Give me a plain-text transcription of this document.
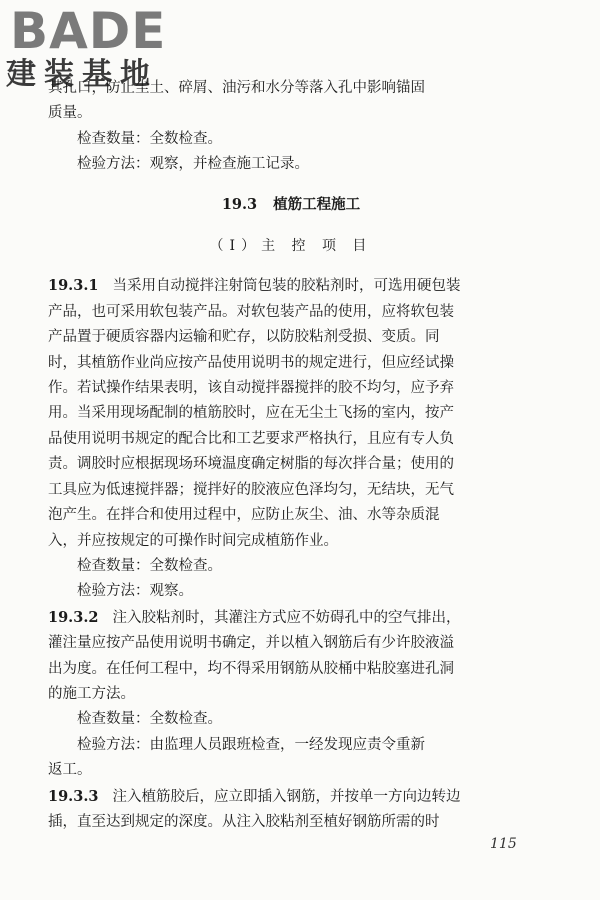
BADE
建装基地

其孔口，防止尘土、碎屑、油污和水分等落入孔中影响锚固

质量。

检查数量：全数检查。

检验方法：观察，并检查施工记录。

19.3 植筋工程施工
（Ⅰ）主 控 项 目

19.3.1 当采用自动搅拌注射筒包装的胶粘剂时，可选用硬包装

产品，也可采用软包装产品。对软包装产品的使用，应将软包装

产品置于硬质容器内运输和贮存，以防胶粘剂受损、变质。同

时，其植筋作业尚应按产品使用说明书的规定进行，但应经试操

作。若试操作结果表明，该自动搅拌器搅拌的胶不均匀，应予弃

用。当采用现场配制的植筋胶时，应在无尘土飞扬的室内，按产

品使用说明书规定的配合比和工艺要求严格执行，且应有专人负

责。调胶时应根据现场环境温度确定树脂的每次拌合量；使用的

工具应为低速搅拌器；搅拌好的胶液应色泽均匀，无结块，无气

泡产生。在拌合和使用过程中，应防止灰尘、油、水等杂质混

入，并应按规定的可操作时间完成植筋作业。

检查数量：全数检查。

检验方法：观察。

19.3.2 注入胶粘剂时，其灌注方式应不妨碍孔中的空气排出，

灌注量应按产品使用说明书确定，并以植入钢筋后有少许胶液溢

出为度。在任何工程中，均不得采用钢筋从胶桶中粘胶塞进孔洞

的施工方法。

检查数量：全数检查。

检验方法：由监理人员跟班检查，一经发现应责令重新

返工。

19.3.3 注入植筋胶后，应立即插入钢筋，并按单一方向边转边

插，直至达到规定的深度。从注入胶粘剂至植好钢筋所需的时

115
